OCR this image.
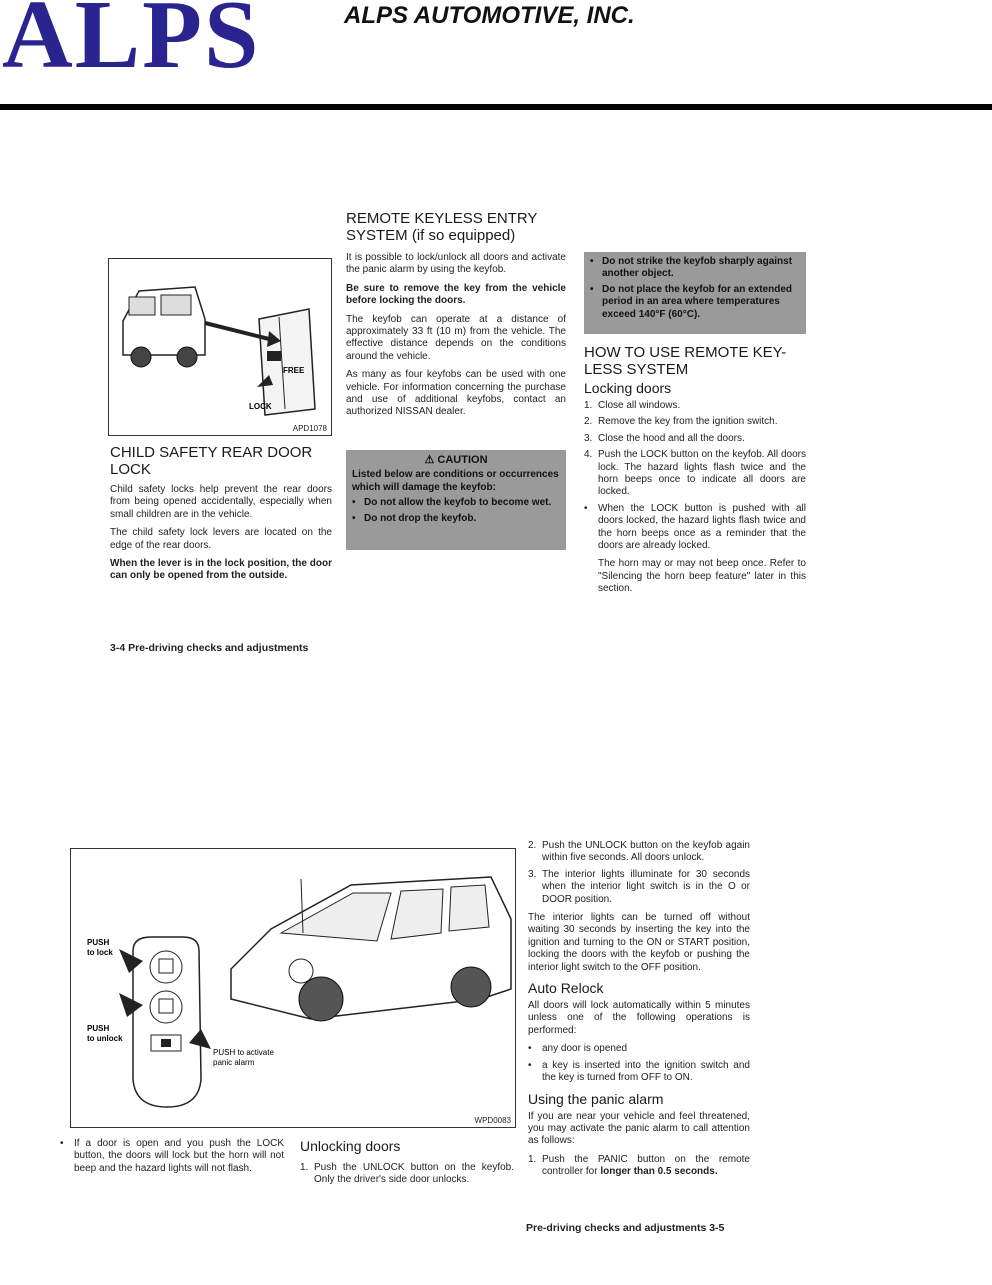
ALPS	ALPS AUTOMOTIVE, INC.
FREE
LOCK
APD1078
CHILD SAFETY REAR DOOR
LOCK

Child safety locks help prevent the rear doors from being opened accidentally, especially when small children are in the vehicle.

The child safety lock levers are located on the edge of the rear doors.

When the lever is in the lock position, the door can only be opened from the outside.

3-4 Pre-driving checks and adjustments
REMOTE KEYLESS ENTRY
SYSTEM (if so equipped)

It is possible to lock/unlock all doors and activate the panic alarm by using the keyfob.

Be sure to remove the key from the vehicle before locking the doors.

The keyfob can operate at a distance of approximately 33 ft (10 m) from the vehicle. The effective distance depends on the conditions around the vehicle.

As many as four keyfobs can be used with one vehicle. For information concerning the purchase and use of additional keyfobs, contact an authorized NISSAN dealer.

⚠ CAUTION
Listed below are conditions or occurrences which will damage the keyfob:
• Do not allow the keyfob to become wet.
• Do not drop the keyfob.
• Do not strike the keyfob sharply against another object.
• Do not place the keyfob for an extended period in an area where temperatures exceed 140°F (60°C).
HOW TO USE REMOTE KEY-
LESS SYSTEM
Locking doors
1. Close all windows.
2. Remove the key from the ignition switch.
3. Close the hood and all the doors.
4. Push the LOCK button on the keyfob. All doors lock. The hazard lights flash twice and the horn beeps once to indicate all doors are locked.
• When the LOCK button is pushed with all doors locked, the hazard lights flash twice and the horn beeps once as a reminder that the doors are already locked.

The horn may or may not beep once. Refer to "Silencing the horn beep feature" later in this section.

PUSH to lock
PUSH to unlock
PUSH to activate panic alarm
WPD0083
• If a door is open and you push the LOCK button, the doors will lock but the horn will not beep and the hazard lights will not flash.
Unlocking doors
1. Push the UNLOCK button on the keyfob. Only the driver's side door unlocks.
2. Push the UNLOCK button on the keyfob again within five seconds. All doors unlock.
3. The interior lights illuminate for 30 seconds when the interior light switch is in the O or DOOR position.

The interior lights can be turned off without waiting 30 seconds by inserting the key into the ignition and turning to the ON or START position, locking the doors with the keyfob or pushing the interior light switch to the OFF position.

Auto Relock

All doors will lock automatically within 5 minutes unless one of the following operations is performed:

• any door is opened
• a key is inserted into the ignition switch and the key is turned from OFF to ON.
Using the panic alarm

If you are near your vehicle and feel threatened, you may activate the panic alarm to call attention as follows:

1. Push the PANIC button on the remote controller for longer than 0.5 seconds.
Pre-driving checks and adjustments 3-5
